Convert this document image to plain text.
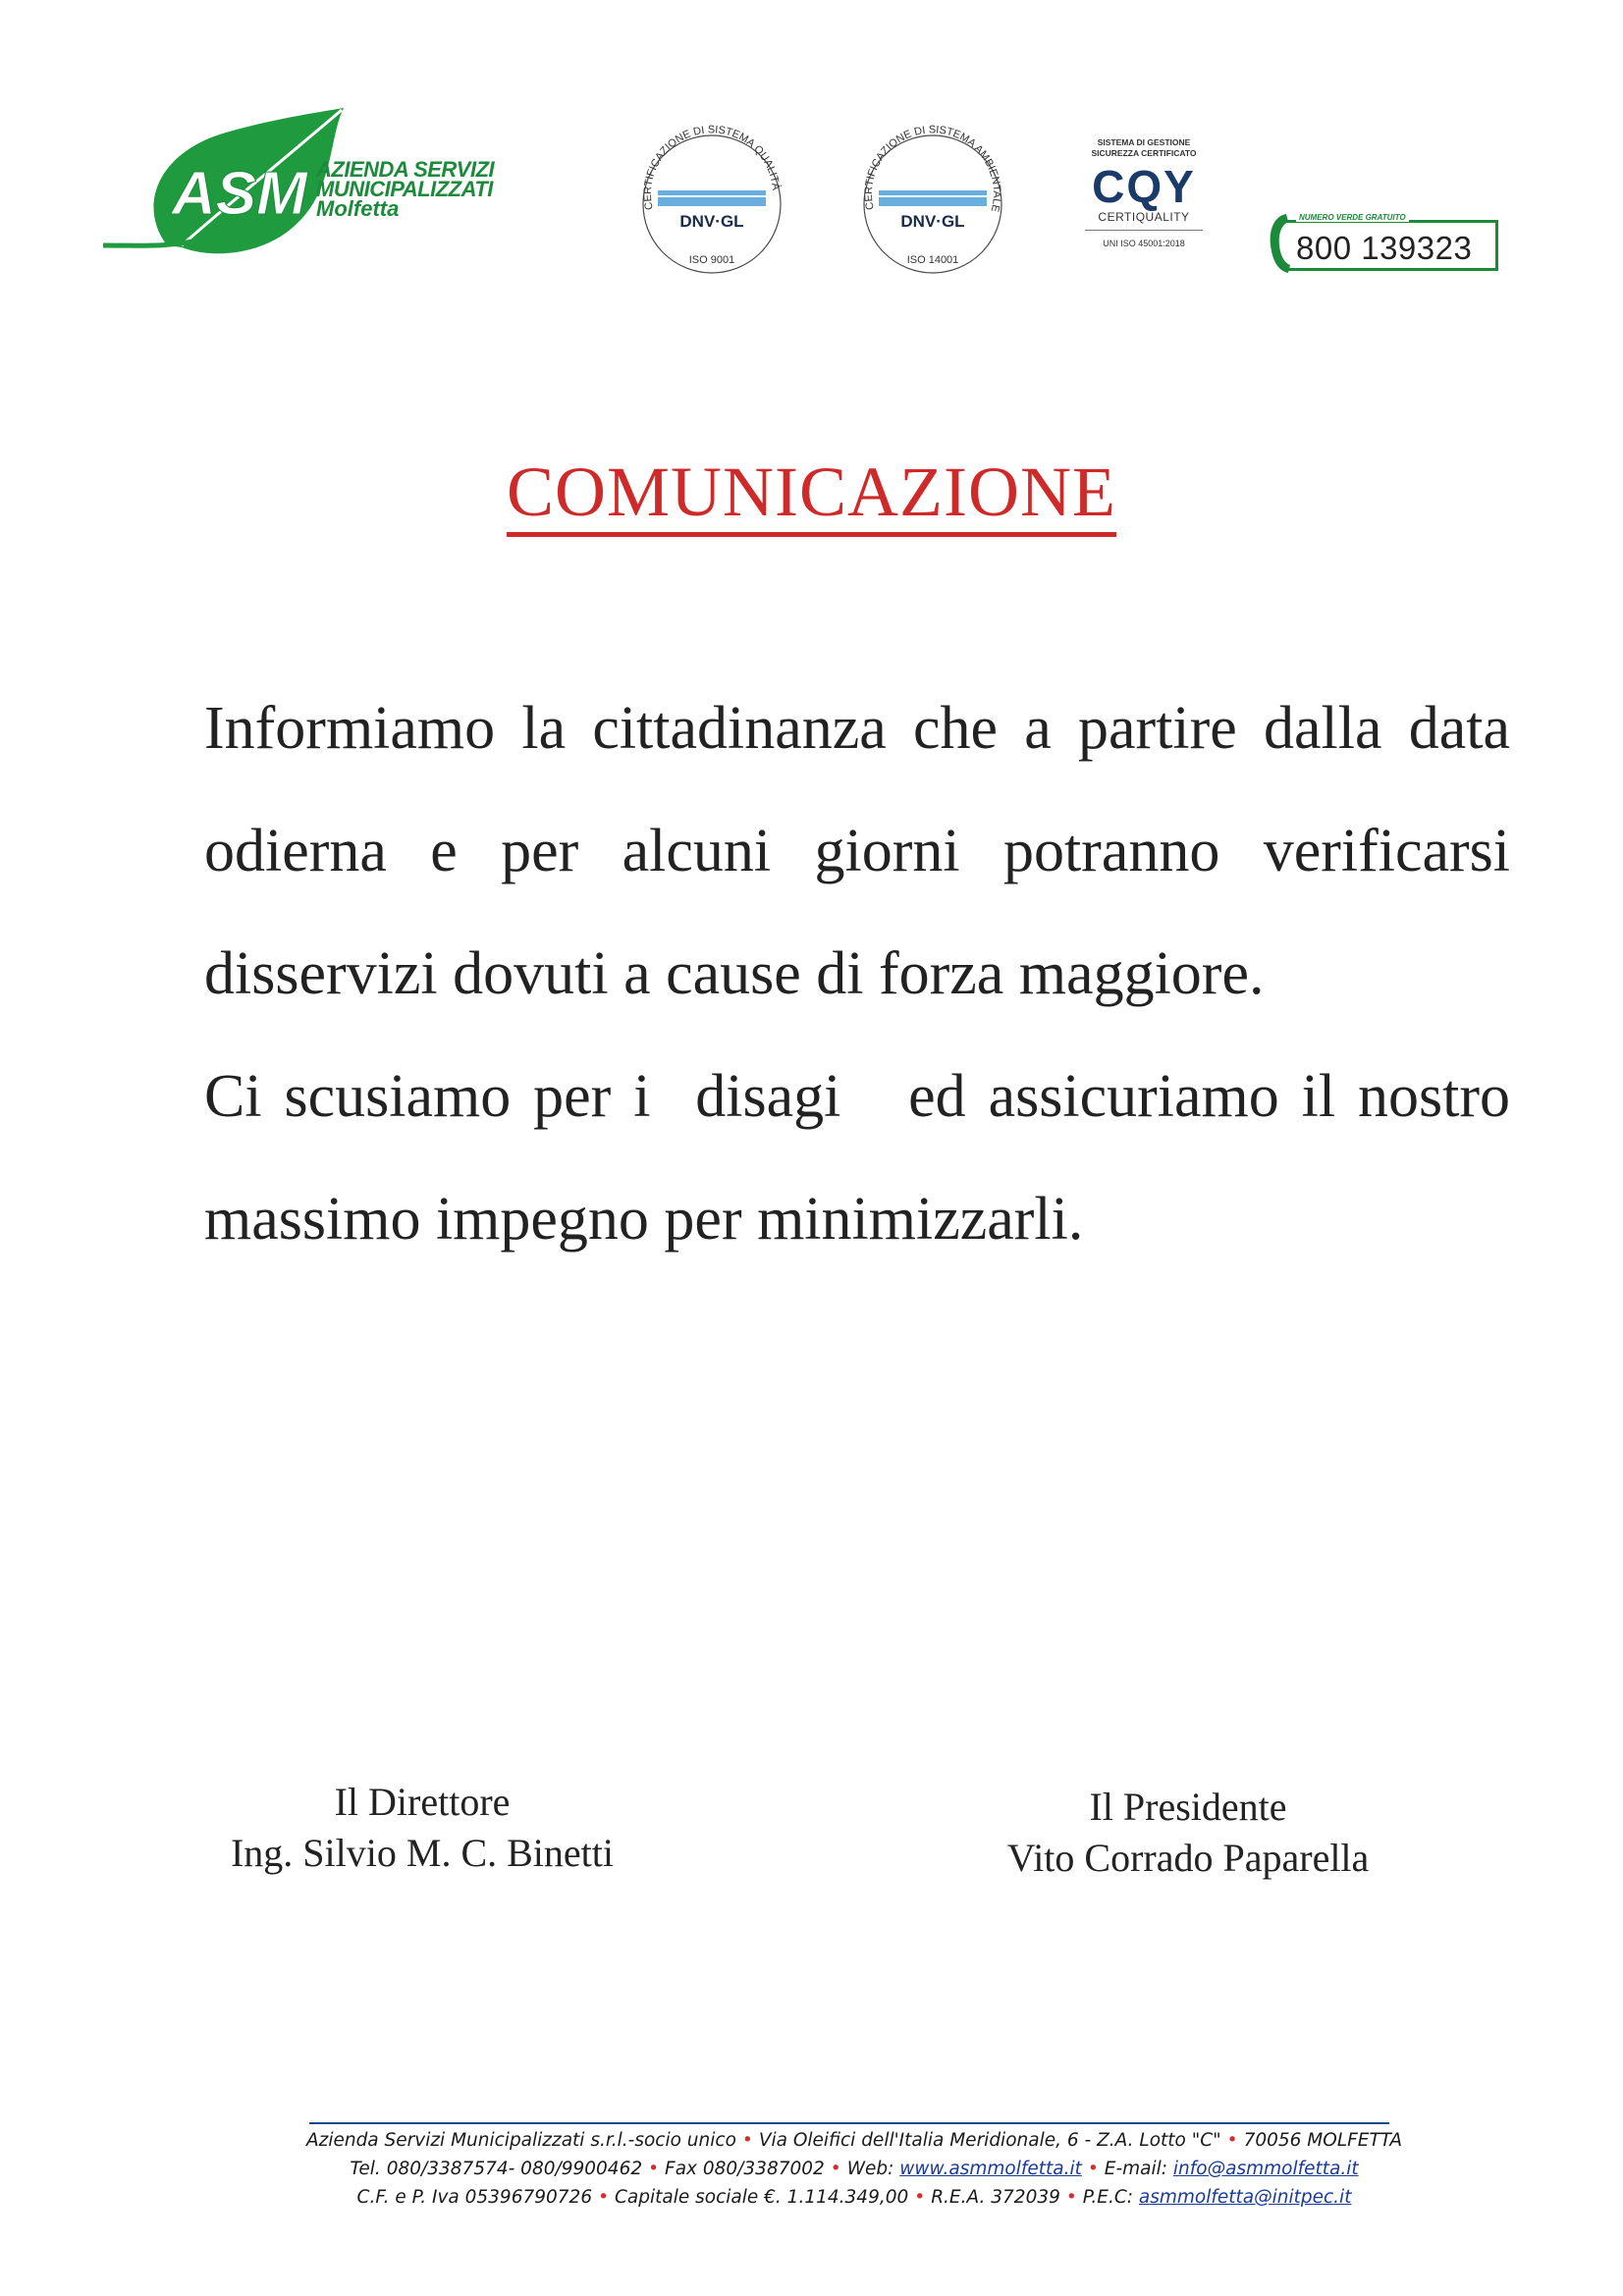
ASM AZIENDA SERVIZI
MUNICIPALIZZATI
Molfetta	CERTIFICAZIONE DI SISTEMA QUALITÀ
DNV·GL
ISO 9001
CERTIFICAZIONE DI SISTEMA AMBIENTALE
DNV·GL
ISO 14001
SISTEMA DI GESTIONE
SICUREZZA CERTIFICATO
CQY
CERTIQUALITY
UNI ISO 45001:2018
NUMERO VERDE GRATUITO
800 139323
COMUNICAZIONE

Informiamo la cittadinanza che a partire dalla data odierna e per alcuni giorni potranno verificarsi disservizi dovuti a cause di forza maggiore.

Ci scusiamo per i  disagi   ed assicuriamo il nostro massimo impegno per minimizzarli.

Il Direttore
Ing. Silvio M. C. Binetti
Il Presidente
Vito Corrado Paparella
Azienda Servizi Municipalizzati s.r.l.-socio unico • Via Oleifici dell'Italia Meridionale, 6 - Z.A. Lotto "C" • 70056 MOLFETTA
Tel. 080/3387574- 080/9900462 • Fax 080/3387002 • Web: www.asmmolfetta.it • E-mail: info@asmmolfetta.it
C.F. e P. Iva 05396790726 • Capitale sociale €. 1.114.349,00 • R.E.A. 372039 • P.E.C: asmmolfetta@initpec.it
